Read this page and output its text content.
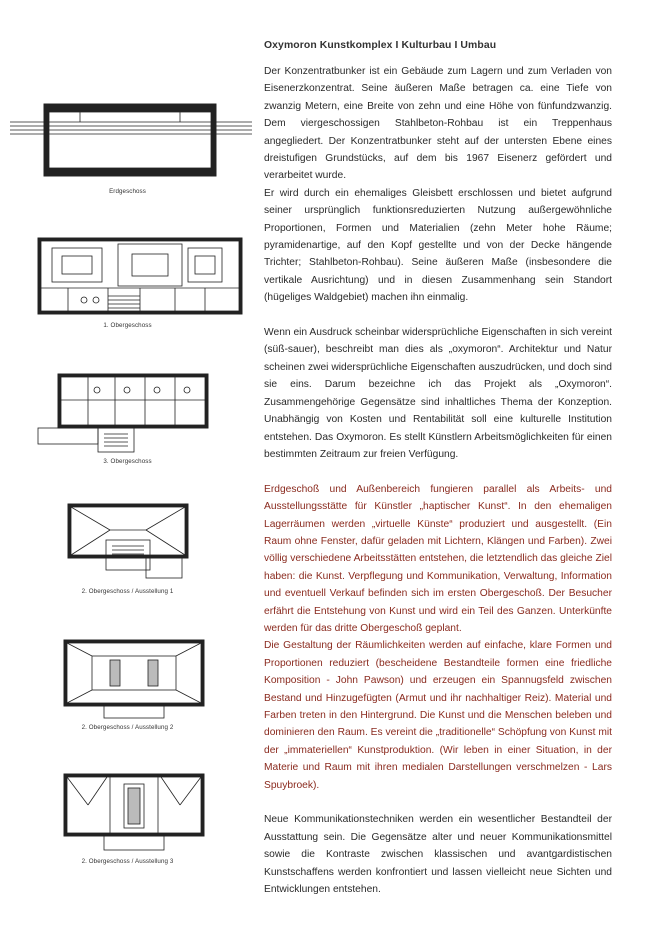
Erdgeschoss
1. Obergeschoss
3. Obergeschoss
2. Obergeschoss / Ausstellung 1
2. Obergeschoss / Ausstellung 2
2. Obergeschoss / Ausstellung 3
Oxymoron Kunstkomplex I Kulturbau I Umbau
Der Konzentratbunker ist ein Gebäude zum Lagern und zum Verladen von Eisenerzkonzentrat. Seine äußeren Maße betragen ca. eine Tiefe von zwanzig Metern, eine Breite von zehn und eine Höhe von fünfundzwanzig. Dem viergeschossigen Stahlbeton-Rohbau ist ein Treppenhaus angegliedert. Der Konzentratbunker steht auf der untersten Ebene eines dreistufigen Grundstücks, auf dem bis 1967 Eisenerz gefördert und verarbeitet wurde.
Er wird durch ein ehemaliges Gleisbett erschlossen und bietet aufgrund seiner ursprünglich funktionsreduzierten Nutzung außergewöhnliche Proportionen, Formen und Materialien (zehn Meter hohe Räume; pyramidenartige, auf den Kopf gestellte und von der Decke hängende Trichter; Stahlbeton-Rohbau). Seine äußeren Maße (insbesondere die vertikale Ausrichtung) und in diesen Zusammenhang sein Standort (hügeliges Waldgebiet) machen ihn einmalig.
Wenn ein Ausdruck scheinbar widersprüchliche Eigenschaften in sich vereint (süß-sauer), beschreibt man dies als „oxymoron“. Architektur und Natur scheinen zwei widersprüchliche Eigenschaften auszudrücken, und doch sind sie eins. Darum bezeichne ich das Projekt als „Oxymoron“. Zusammengehörige Gegensätze sind inhaltliches Thema der Konzeption. Unabhängig von Kosten und Rentabilität soll eine kulturelle Institution entstehen. Das Oxymoron. Es stellt Künstlern Arbeitsmöglichkeiten für einen bestimmten Zeitraum zur freien Verfügung.
Erdgeschoß und Außenbereich fungieren parallel als Arbeits- und Ausstellungsstätte für Künstler „haptischer Kunst“. In den ehemaligen Lagerräumen werden „virtuelle Künste“ produziert und ausgestellt. (Ein Raum ohne Fenster, dafür geladen mit Lichtern, Klängen und Farben). Zwei völlig verschiedene Arbeitsstätten entstehen, die letztendlich das gleiche Ziel haben: die Kunst. Verpflegung und Kommunikation, Verwaltung, Information und eventuell Verkauf befinden sich im ersten Obergeschoß. Der Besucher erfährt die Entstehung von Kunst und wird ein Teil des Ganzen. Unterkünfte werden für das dritte Obergeschoß geplant.
Die Gestaltung der Räumlichkeiten werden auf einfache, klare Formen und Proportionen reduziert (bescheidene Bestandteile formen eine friedliche Komposition - John Pawson) und erzeugen ein Spannugsfeld zwischen Bestand und Hinzugefügten (Armut und ihr nachhaltiger Reiz). Material und Farben treten in den Hintergrund. Die Kunst und die Menschen beleben und dominieren den Raum. Es vereint die „traditionelle“ Schöpfung von Kunst mit der „immateriellen“ Kunstproduktion. (Wir leben in einer Situation, in der Materie und Raum mit ihren medialen Darstellungen verschmelzen - Lars Spuybroek).
Neue Kommunikationstechniken werden ein wesentlicher Bestandteil der Ausstattung sein. Die Gegensätze alter und neuer Kommunikationsmittel sowie die Kontraste zwischen klassischen und avantgardistischen Kunstschaffens werden konfrontiert und lassen vielleicht neue Sichten und Entwicklungen entstehen.
